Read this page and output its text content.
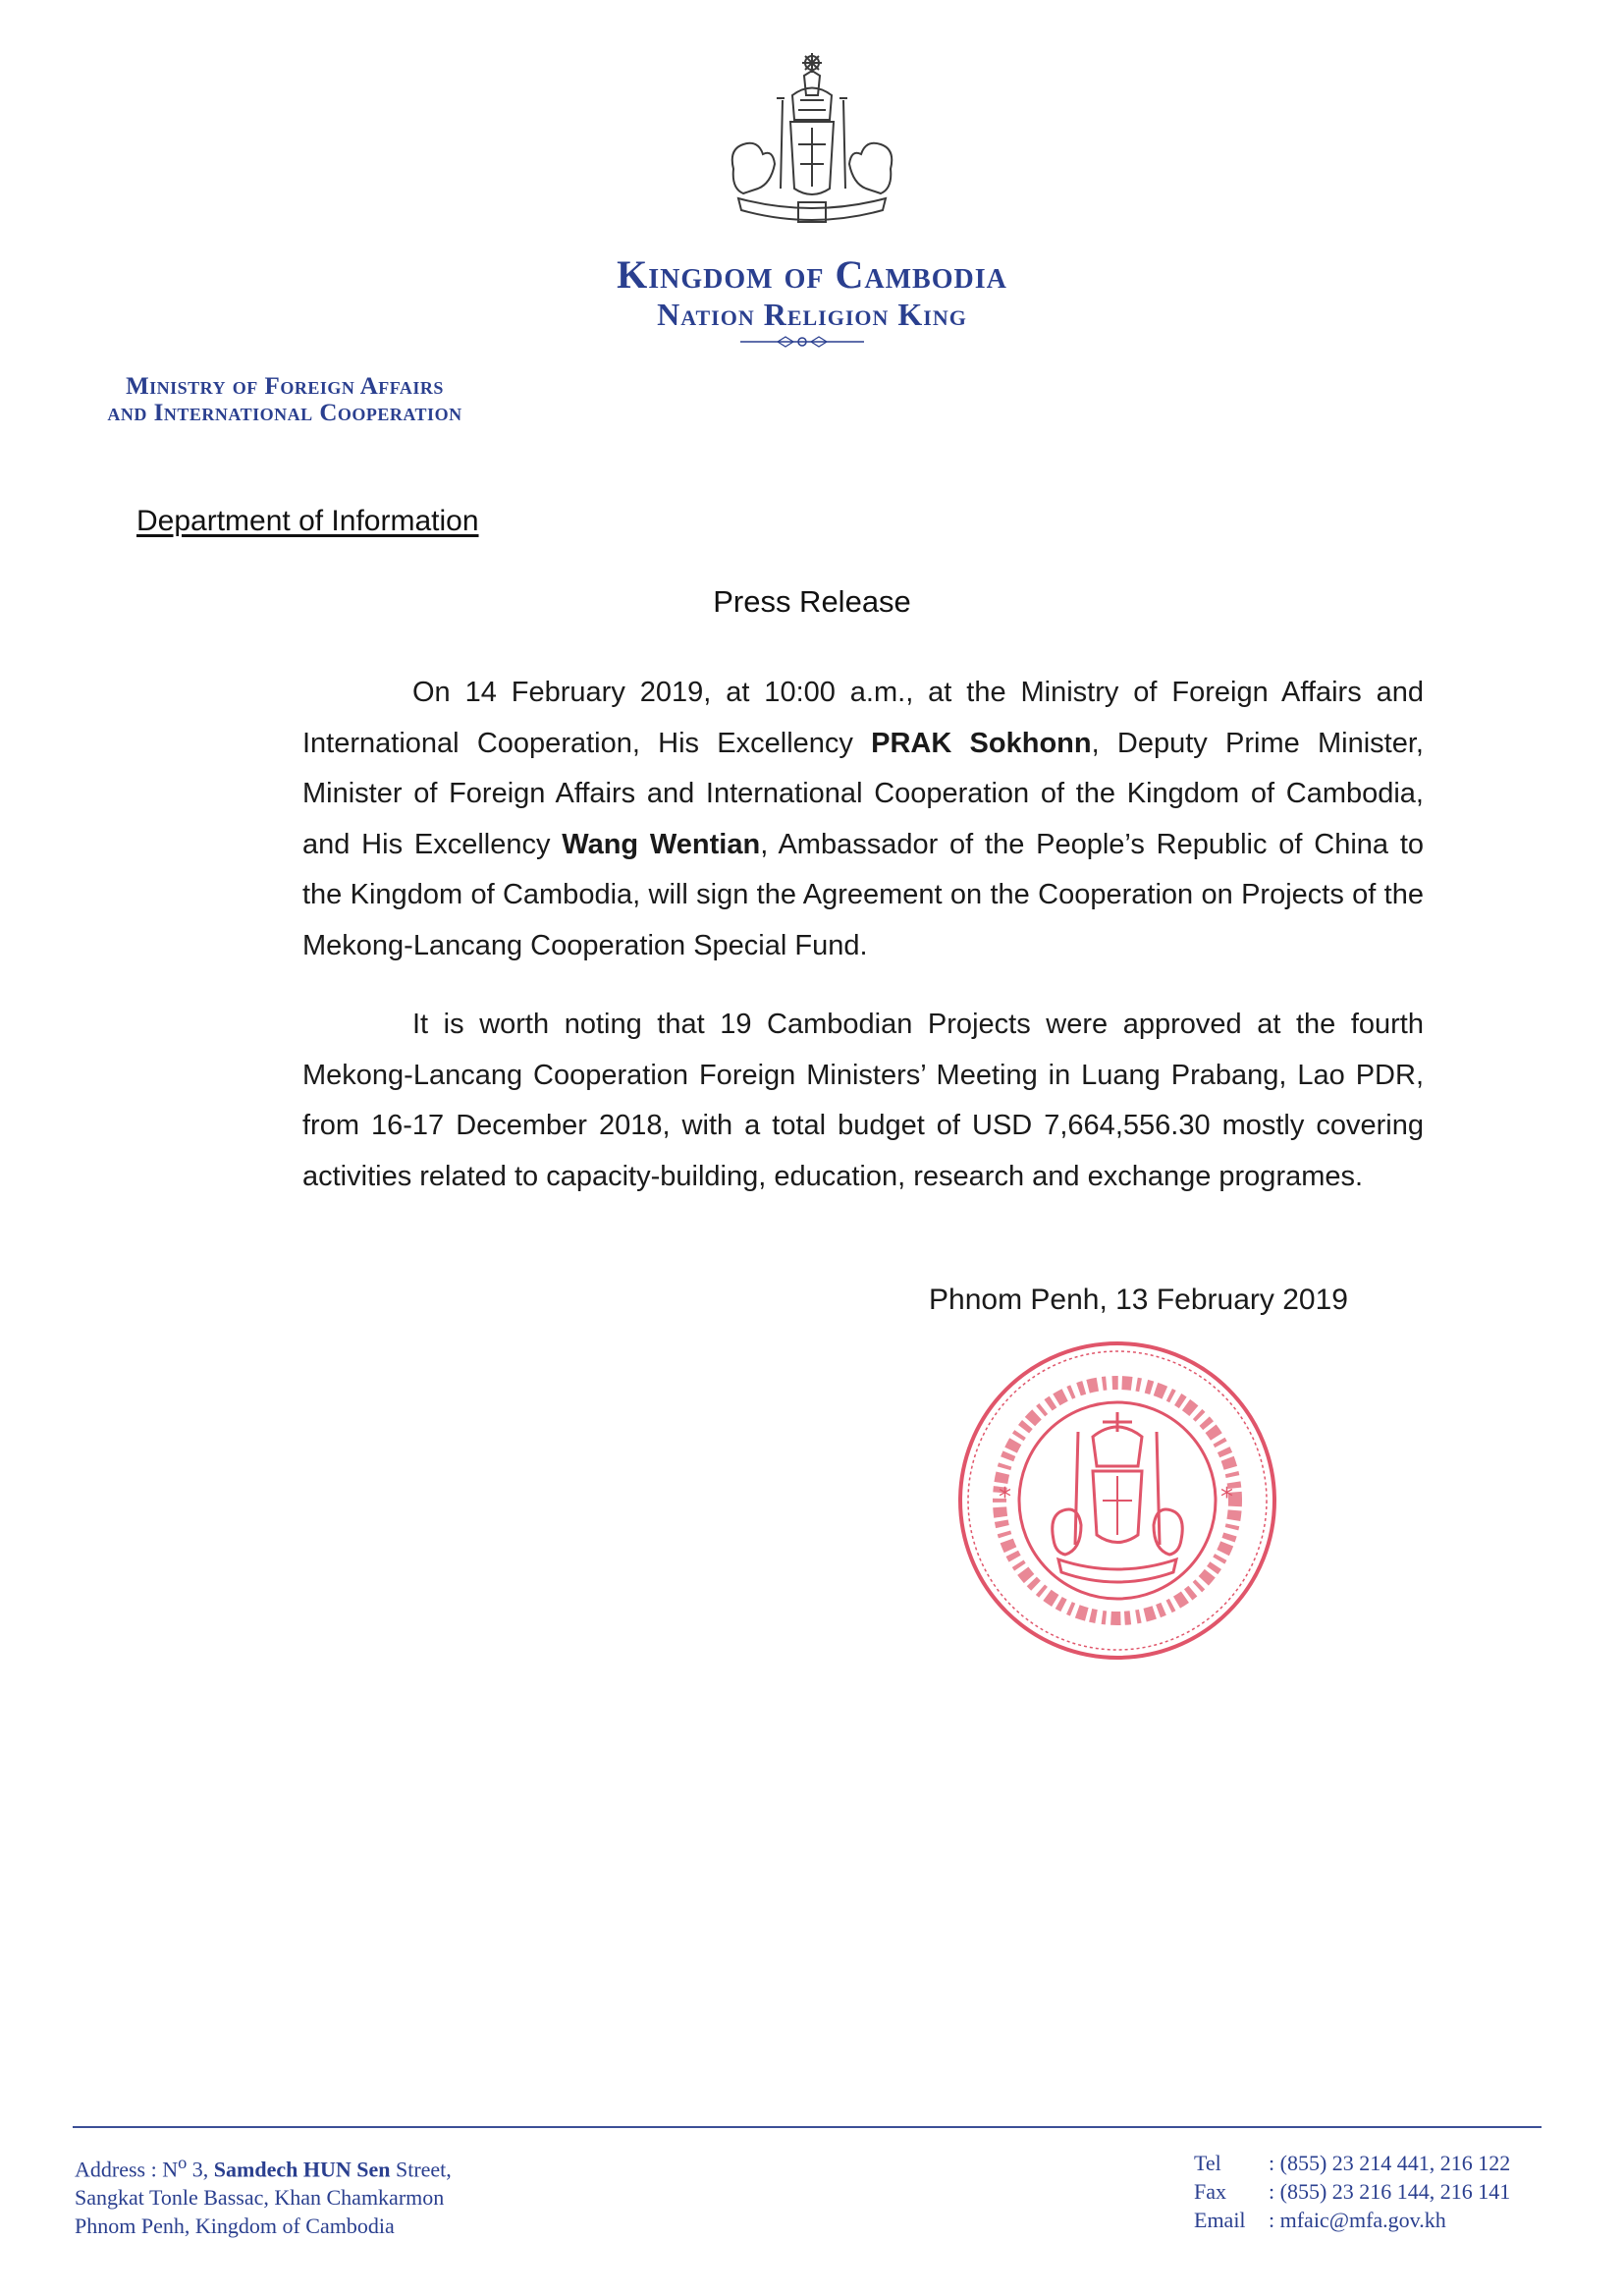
Kingdom of Cambodia
Nation Religion King
Ministry of Foreign Affairs
and International Cooperation
Department of Information
Press Release
On 14 February 2019, at 10:00 a.m., at the Ministry of Foreign Affairs and International Cooperation, His Excellency PRAK Sokhonn, Deputy Prime Minister, Minister of Foreign Affairs and International Cooperation of the Kingdom of Cambodia, and His Excellency Wang Wentian, Ambassador of the People’s Republic of China to the Kingdom of Cambodia, will sign the Agreement on the Cooperation on Projects of the Mekong-Lancang Cooperation Special Fund.
It is worth noting that 19 Cambodian Projects were approved at the fourth Mekong-Lancang Cooperation Foreign Ministers’ Meeting in Luang Prabang, Lao PDR, from 16-17 December 2018, with a total budget of USD 7,664,556.30 mostly covering activities related to capacity-building, education, research and exchange programes.
Phnom Penh, 13 February 2019
*	*
Address : $N^o$ 3, Samdech HUN Sen Street,
Sangkat Tonle Bassac, Khan Chamkarmon
Phnom Penh, Kingdom of Cambodia
Tel : (855) 23 214 441, 216 122
Fax : (855) 23 216 144, 216 141
Email : mfaic@mfa.gov.kh
